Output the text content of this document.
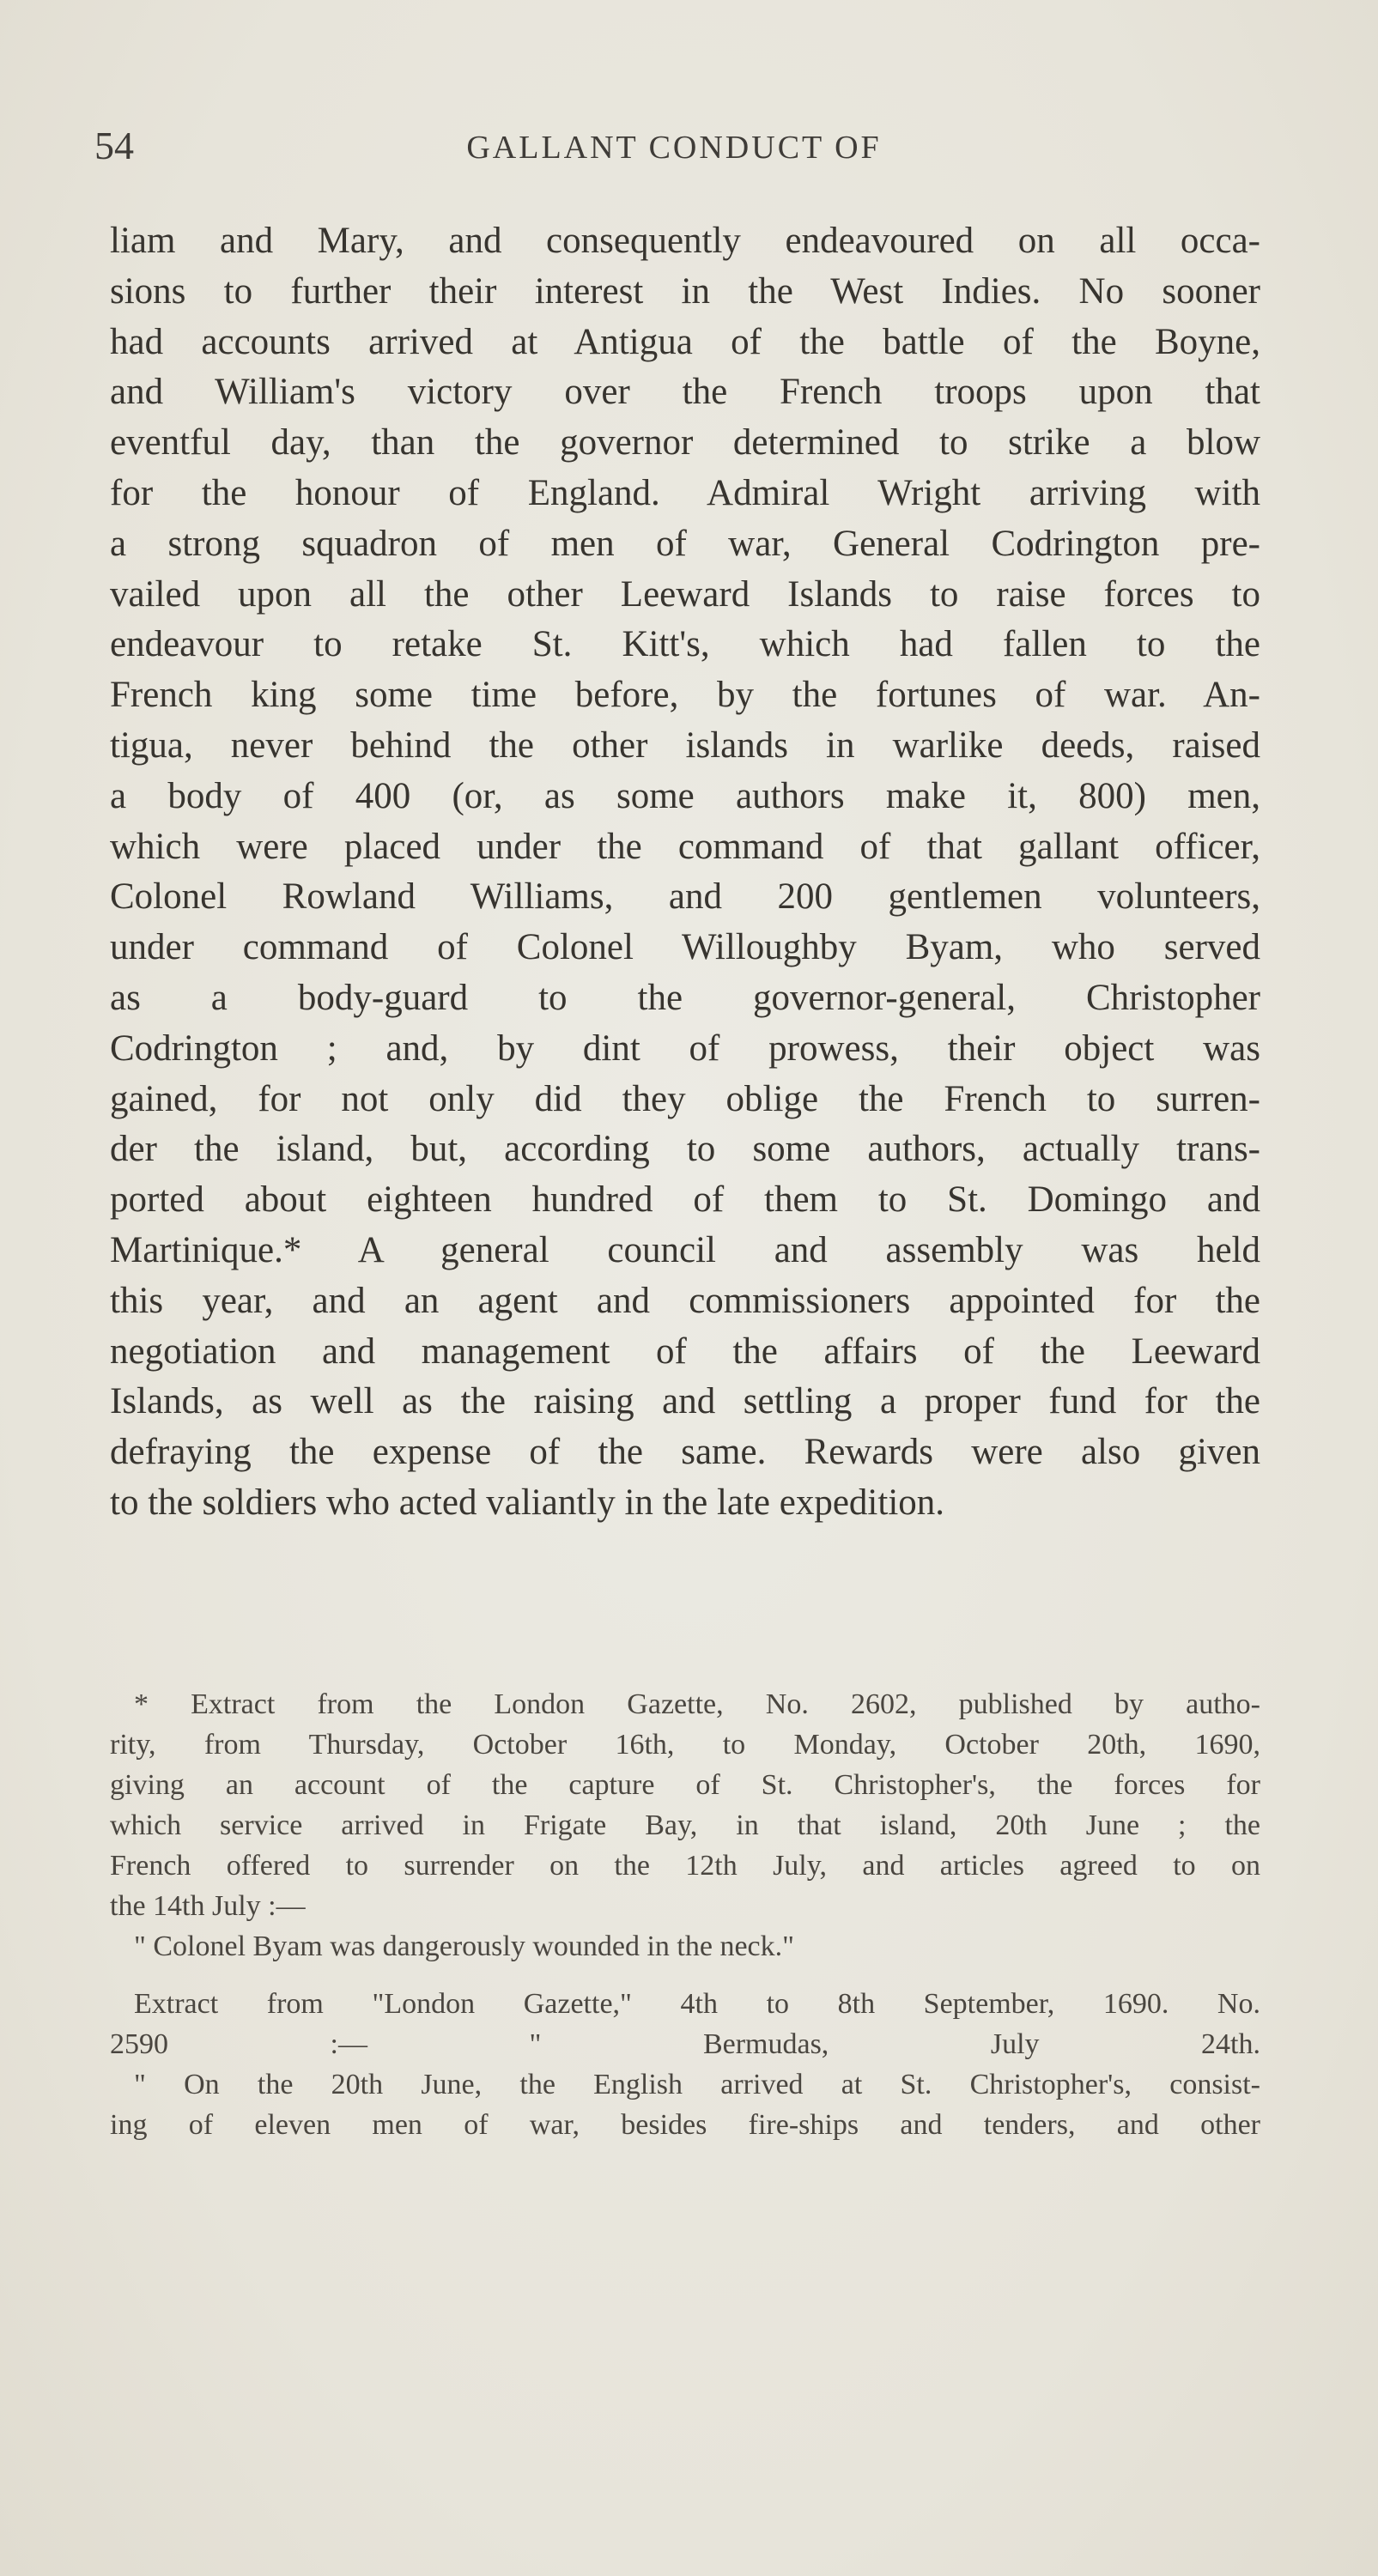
54	GALLANT CONDUCT OF
liam and Mary, and consequently endeavoured on all occa-
sions to further their interest in the West Indies. No sooner
had accounts arrived at Antigua of the battle of the Boyne,
and William's victory over the French troops upon that
eventful day, than the governor determined to strike a blow
for the honour of England. Admiral Wright arriving with
a strong squadron of men of war, General Codrington pre-
vailed upon all the other Leeward Islands to raise forces to
endeavour to retake St. Kitt's, which had fallen to the
French king some time before, by the fortunes of war. An-
tigua, never behind the other islands in warlike deeds, raised
a body of 400 (or, as some authors make it, 800) men,
which were placed under the command of that gallant officer,
Colonel Rowland Williams, and 200 gentlemen volunteers,
under command of Colonel Willoughby Byam, who served
as a body-guard to the governor-general, Christopher
Codrington ; and, by dint of prowess, their object was
gained, for not only did they oblige the French to surren-
der the island, but, according to some authors, actually trans-
ported about eighteen hundred of them to St. Domingo and
Martinique.* A general council and assembly was held
this year, and an agent and commissioners appointed for the
negotiation and management of the affairs of the Leeward
Islands, as well as the raising and settling a proper fund for the
defraying the expense of the same. Rewards were also given
to the soldiers who acted valiantly in the late expedition.
* Extract from the London Gazette, No. 2602, published by autho-
rity, from Thursday, October 16th, to Monday, October 20th, 1690,
giving an account of the capture of St. Christopher's, the forces for
which service arrived in Frigate Bay, in that island, 20th June ; the
French offered to surrender on the 12th July, and articles agreed to on
the 14th July :—
" Colonel Byam was dangerously wounded in the neck."
Extract from "London Gazette," 4th to 8th September, 1690. No.
2590 :— " Bermudas, July 24th.
" On the 20th June, the English arrived at St. Christopher's, consist-
ing of eleven men of war, besides fire-ships and tenders, and other
